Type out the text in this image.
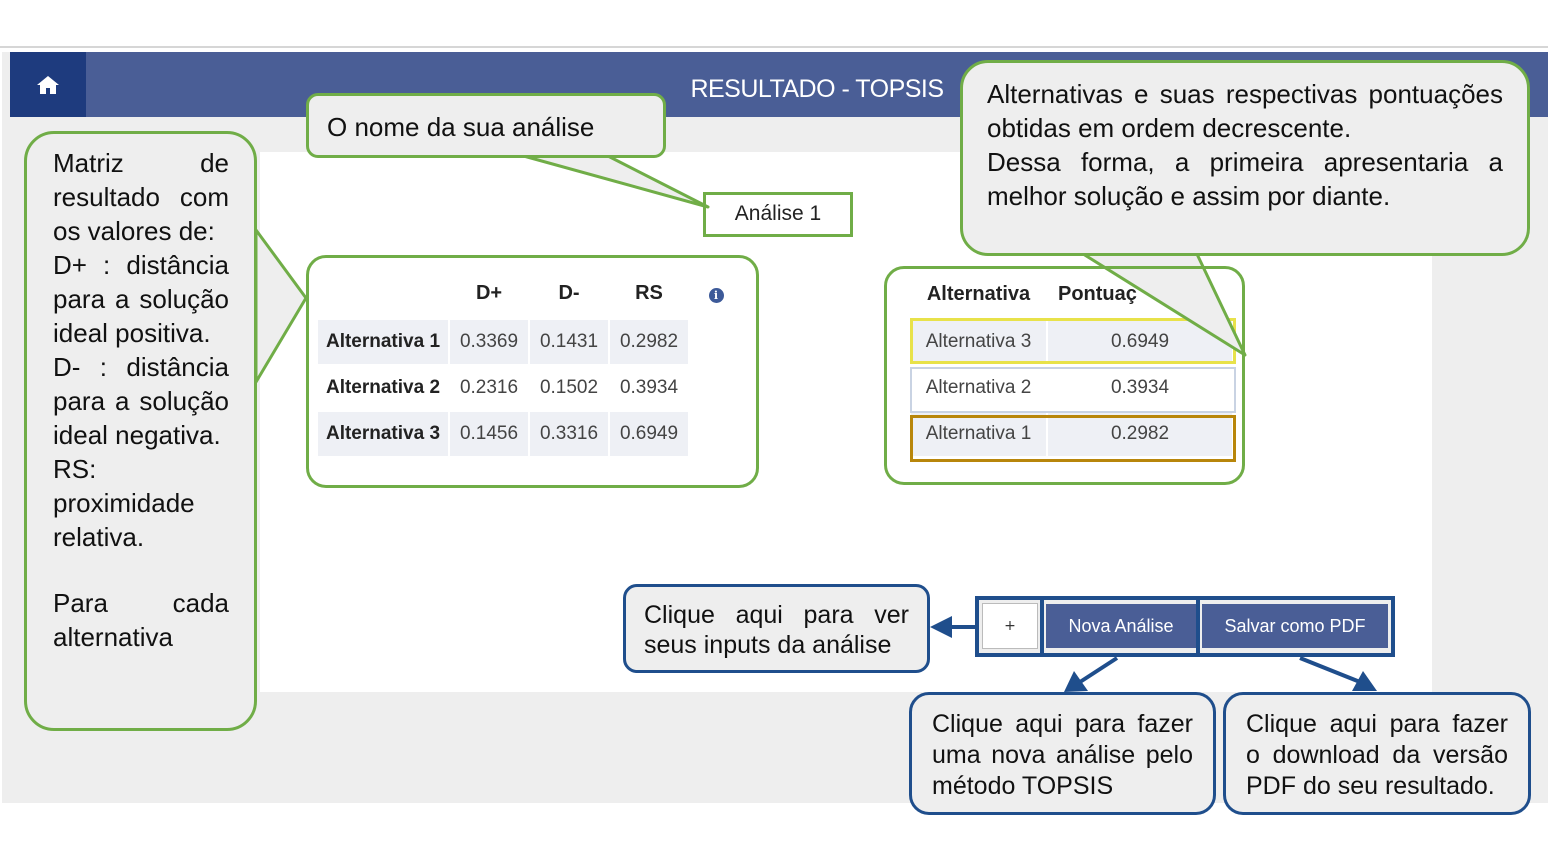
RESULTADO - TOPSIS
Análise 1
	D+	D-	RS	i
Alternativa 1	0.3369	0.1431	0.2982	
Alternativa 2	0.2316	0.1502	0.3934	
Alternativa 3	0.1456	0.3316	0.6949	
Alternativa	Pontuaç
Alternativa 3	0.6949
Alternativa 2	0.3934
Alternativa 1	0.2982
+	Nova Análise	Salvar como PDF
O nome da sua análise

Matriz de resultado com os valores de:

D+ : distância para a solução ideal positiva.

D- : distância para a solução ideal negativa.

RS: proximidade relativa.

Para cada alternativa

Alternativas e suas respectivas pontuações obtidas em ordem decrescente.

Dessa forma, a primeira apresentaria a melhor solução e assim por diante.

Clique aqui para ver seus inputs da análise

Clique aqui para fazer uma nova análise pelo método TOPSIS

Clique aqui para fazer o download da versão PDF do seu resultado.
